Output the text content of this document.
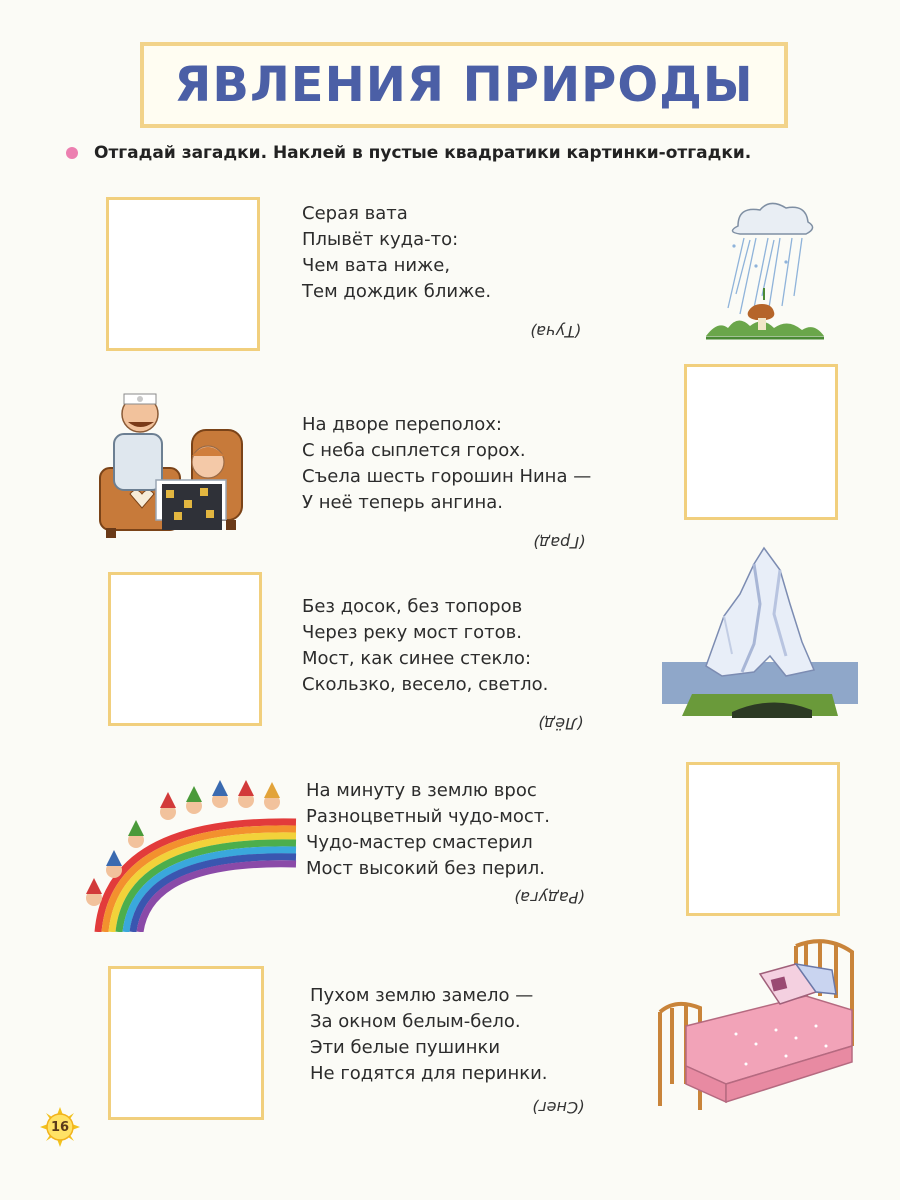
ЯВЛЕНИЯ ПРИРОДЫ
Отгадай загадки. Наклей в пустые квадратики картинки-отгадки.
Серая вата
Плывёт куда-то:
Чем вата ниже,
Тем дождик ближе.
(Туча)
На дворе переполох:
С неба сыплется горох.
Съела шесть горошин Нина —
У неё теперь ангина.
(Град)
Без досок, без топоров
Через реку мост готов.
Мост, как синее стекло:
Скользко, весело, светло.
(Лёд)
На минуту в землю врос
Разноцветный чудо-мост.
Чудо-мастер смастерил
Мост высокий без перил.
(Радуга)
Пухом землю замело —
За окном белым-бело.
Эти белые пушинки
Не годятся для перинки.
(Снег)
16
